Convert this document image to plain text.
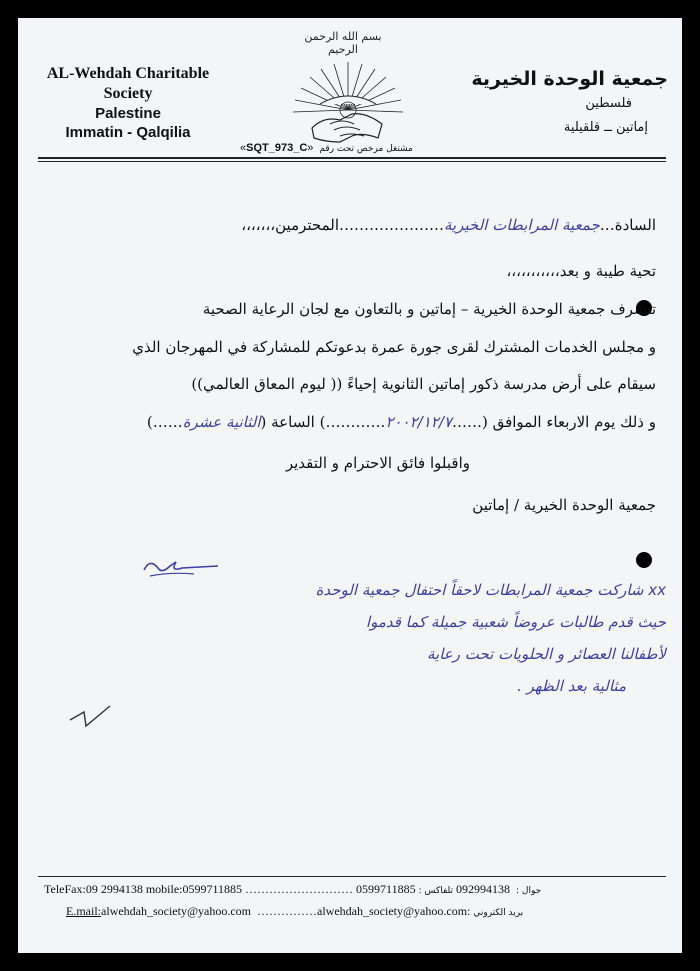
بسم الله الرحمن الرحيم
AL-Wehdah Charitable
Society
Palestine
Immatin - Qalqilia
جمعية الوحدة الخيرية
فلسطين
إماتين ــ قلقيلية
«SQT_973_C» مشتغل مرخص تحت رقم
السادة…جمعية المرابطات الخيرية…………………المحترمين،،،،،،،
تحية طيبة و بعد،،،،،،،،،،،
تتشرف جمعية الوحدة الخيرية – إماتين و بالتعاون مع لجان الرعاية الصحية
و مجلس الخدمات المشترك لقرى جورة عمرة بدعوتكم للمشاركة في المهرجان الذي
سيقام على أرض مدرسة ذكور إماتين الثانوية إحياءً (( ليوم المعاق العالمي))
و ذلك يوم الاربعاء الموافق (……٢٠٠٢/١٢/٧…………) الساعة (الثانية عشرة……)
واقبلوا فائق الاحترام و التقدير
جمعية الوحدة الخيرية / إماتين
xx شاركت جمعية المرابطات لاحقاً احتفال جمعية الوحدة
حيث قدم طالبات عروضاً شعبية جميلة كما قدموا
لأطفالنا العصائر و الحلويات تحت رعاية
مثالية بعد الظهر .
TeleFax:09 2994138 mobile:0599711885 ……………………… 0599711885	جوال :  092994138 تلفاكس :
E.mail:alwehdah_society@yahoo.com  ……………alwehdah_society@yahoo.com: بريد الكتروني
